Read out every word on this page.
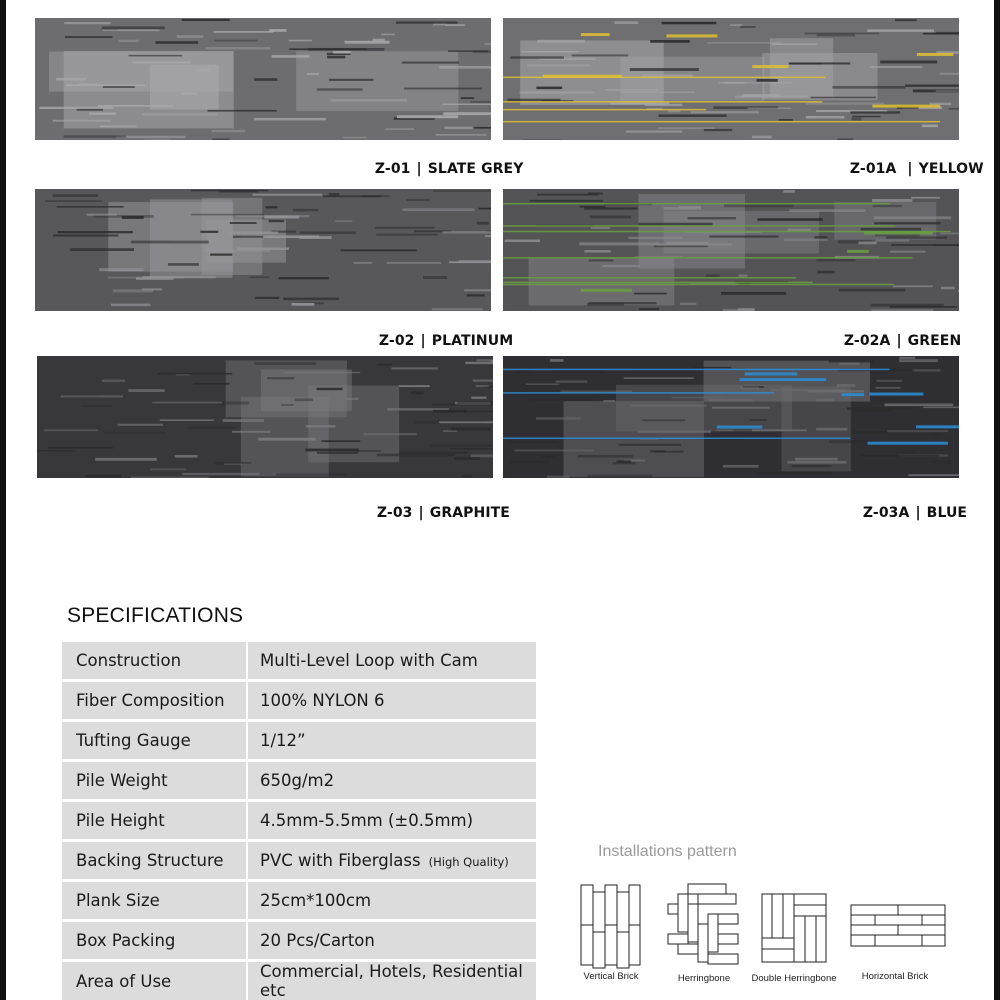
Z-01 | SLATE GREY
	Z-01A | YELLOW

Z-02 | PLATINUM
	Z-02A | GREEN

Z-03 | GRAPHITE
	Z-03A | BLUE

SPECIFICATIONS
Construction	Multi-Level Loop with Cam
Fiber Composition	100% NYLON 6
Tufting Gauge	1/12”
Pile Weight	650g/m2
Pile Height	4.5mm-5.5mm (±0.5mm)
Backing Structure	PVC with Fiberglass (High Quality)
Plank Size	25cm*100cm
Box Packing	20 Pcs/Carton
Area of Use	Commercial, Hotels, Residential etc
Installations pattern
Vertical Brick	Herringbone	Double Herringbone	Horizontal Brick
